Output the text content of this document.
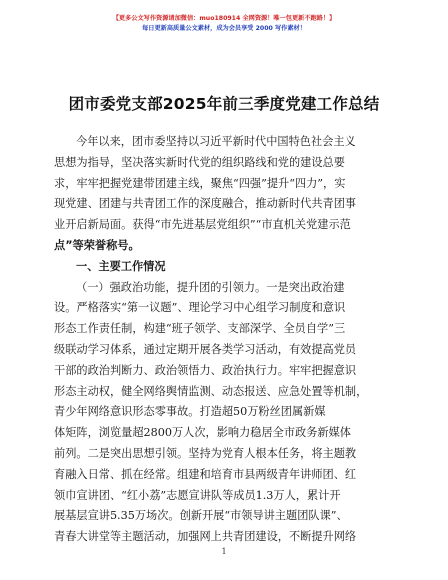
【更多公文写作资源请加微信：muo180914 全网资源！唯一包更新不跑路！】
每日更新高质量公文素材，成为会员享受 2000 写作素材！
团市委党支部2025年前三季度党建工作总结
今年以来，团市委坚持以习近平新时代中国特色社会主义
思想为指导，坚决落实新时代党的组织路线和党的建设总要
求，牢牢把握党建带团建主线，聚焦“四强”提升“四力”，实
现党建、团建与共青团工作的深度融合，推动新时代共青团事
业开启新局面。获得“市先进基层党组织”“市直机关党建示范
点”等荣誉称号。
一、主要工作情况
（一）强政治功能，提升团的引领力。一是突出政治建
设。严格落实“第一议题”、理论学习中心组学习制度和意识
形态工作责任制，构建“班子领学、支部深学、全员自学”三
级联动学习体系，通过定期开展各类学习活动，有效提高党员
干部的政治判断力、政治领悟力、政治执行力。牢牢把握意识
形态主动权，健全网络舆情监测、动态报送、应急处置等机制，
青少年网络意识形态零事故。打造超50万粉丝团属新媒
体矩阵，浏览量超2800万人次，影响力稳居全市政务新媒体
前列。二是突出思想引领。坚持为党育人根本任务，将主题教
育融入日常、抓在经常。组建和培育市县两级青年讲师团、红
领巾宣讲团、“红小荔”志愿宣讲队等成员1.3万人，累计开
展基层宣讲5.35万场次。创新开展“市领导讲主题团队课”、
青春大讲堂等主题活动，加强网上共青团建设，不断提升网络
1
